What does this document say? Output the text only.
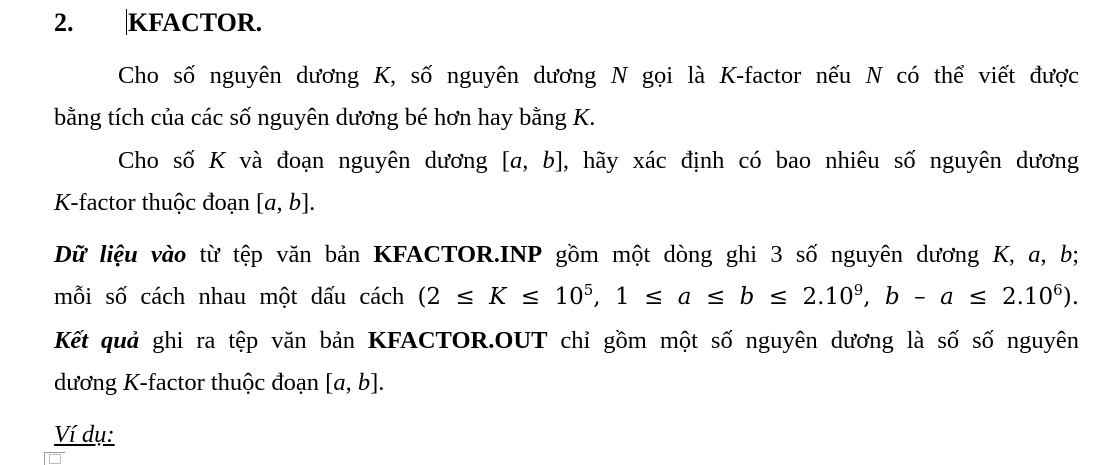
2. KFACTOR.
Cho số nguyên dương K, số nguyên dương N gọi là K-factor nếu N có thể viết được
bằng tích của các số nguyên dương bé hơn hay bằng K.
Cho số K và đoạn nguyên dương [a, b], hãy xác định có bao nhiêu số nguyên dương
K-factor thuộc đoạn [a, b].
Dữ liệu vào từ tệp văn bản KFACTOR.INP gồm một dòng ghi 3 số nguyên dương K, a, b;
mỗi số cách nhau một dấu cách ($2 \le K \le 10^5$, $1 \le a \le b \le 2.10^9$, $b - a \le 2.10^6$).
Kết quả ghi ra tệp văn bản KFACTOR.OUT chỉ gồm một số nguyên dương là số số nguyên
dương K-factor thuộc đoạn [a, b].
Ví dụ:
